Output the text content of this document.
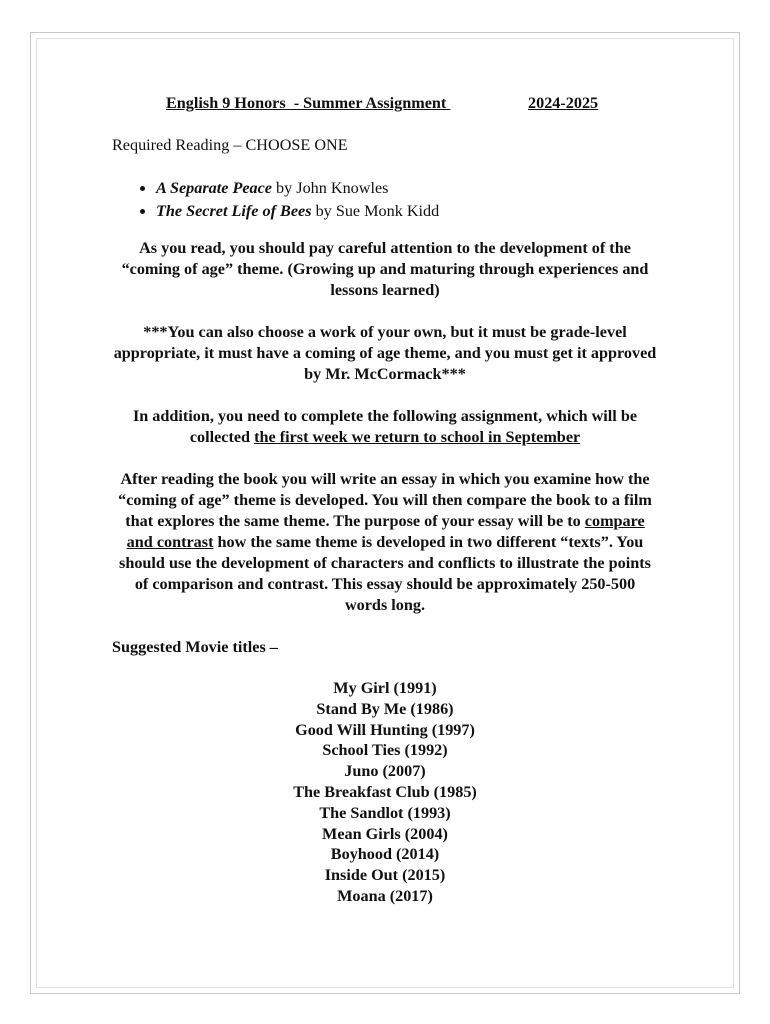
English 9 Honors  - Summer Assignment	2024-2025
Required Reading – CHOOSE ONE
• A Separate Peace by John Knowles
• The Secret Life of Bees by Sue Monk Kidd
As you read, you should pay careful attention to the development of the “coming of age” theme. (Growing up and maturing through experiences and lessons learned)
***You can also choose a work of your own, but it must be grade-level appropriate, it must have a coming of age theme, and you must get it approved by Mr. McCormack***
In addition, you need to complete the following assignment, which will be collected the first week we return to school in September
After reading the book you will write an essay in which you examine how the “coming of age” theme is developed. You will then compare the book to a film that explores the same theme. The purpose of your essay will be to compare and contrast how the same theme is developed in two different “texts”. You should use the development of characters and conflicts to illustrate the points of comparison and contrast. This essay should be approximately 250-500 words long.
Suggested Movie titles –
My Girl (1991)
Stand By Me (1986)
Good Will Hunting (1997)
School Ties (1992)
Juno (2007)
The Breakfast Club (1985)
The Sandlot (1993)
Mean Girls (2004)
Boyhood (2014)
Inside Out (2015)
Moana (2017)
